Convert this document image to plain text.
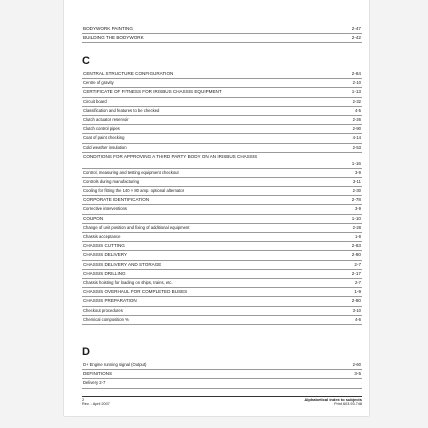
BODYWORK PAINTING	2-47
BUILDING THE BODYWORK	2-42
C
CENTRAL STRUCTURE CONFIGURATION	2-84
Centre of gravity	2-10
CERTIFICATE OF FITNESS FOR IRISBUS CHASSIS EQUIPMENT	1-13
Circuit board	2-32
Classification and features to be checked	4-5
Clutch actuator reservoir	2-26
Clutch control pipes	2-90
Coat of paint checking	4-14
Cold weather insulation	2-53
CONDITIONS FOR APPROVING A THIRD PARTY BODY ON AN IRISBUS CHASSIS
1-16
Control, measuring and testing equipment checkout	3-9
Controls during manufacturing	3-11
Cooling for fitting the 140 × 80 amp. optional alternator	2-30
CORPORATE IDENTIFICATION	2-78
Corrective interventions	3-9
COUPON	1-10
Change of unit position and fixing of additional equipment	2-28
Chassis acceptance	1-8
CHASSIS CUTTING	2-83
CHASSIS DELIVERY	2-80
CHASSIS DELIVERY AND STORAGE	2-7
CHASSIS DRILLING	2-17
Chassis hoisting for loading on ships, trains, etc.	2-7
CHASSIS OVERHAUL FOR COMPLETED BUSES	1-9
CHASSIS PREPARATION	2-80
Checkout procedures	3-10
Chemical composition %	4-6
D
D+ Engine running signal (Output)	2-60
DEFINITIONS	3-5
Delivery 2-7
2
Rev. - April 2007
Alphabetical index to subjects
Print 603.93.748
